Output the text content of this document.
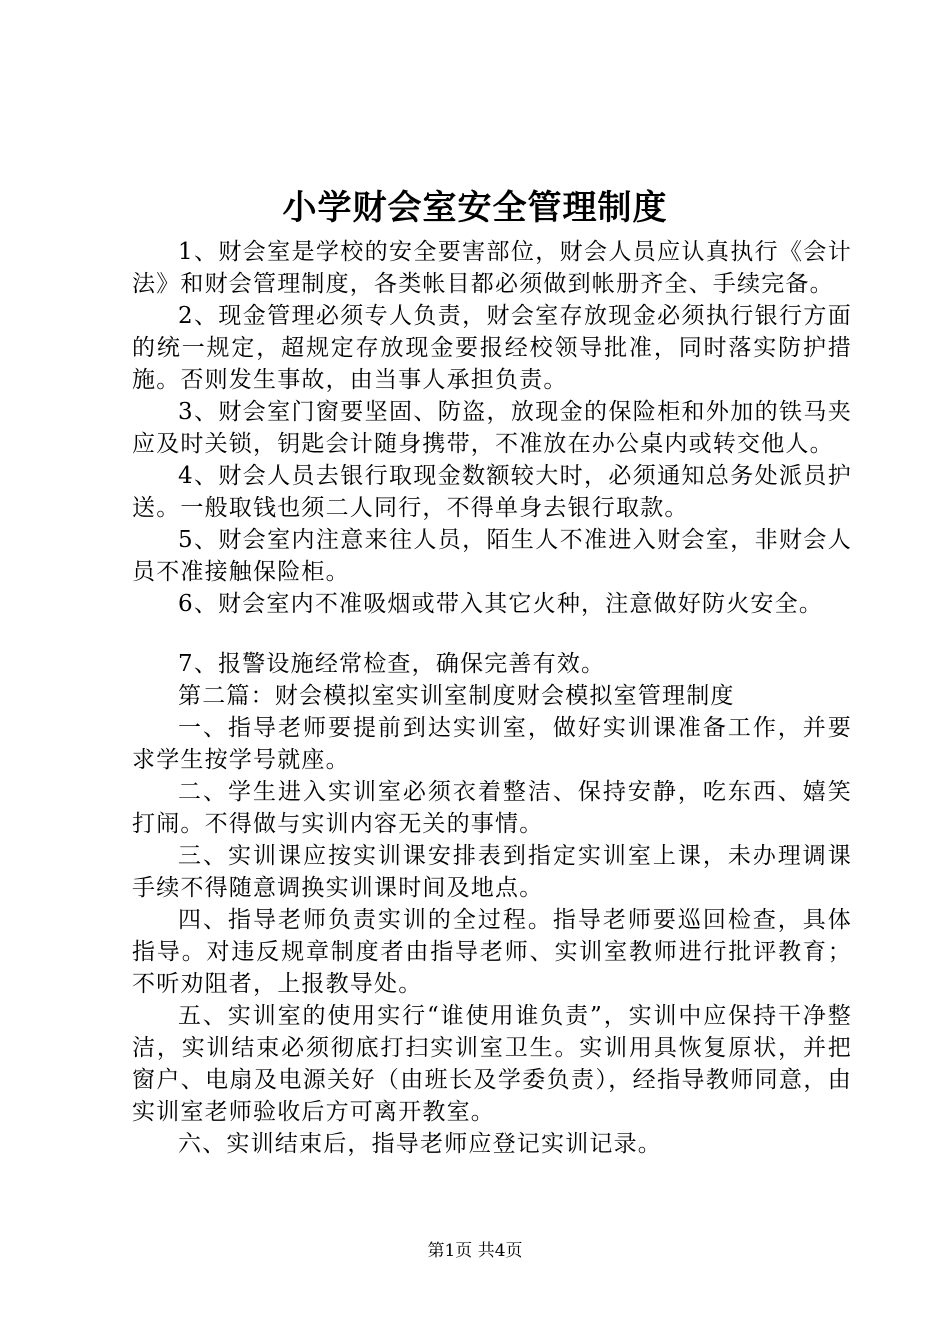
小学财会室安全管理制度

1、财会室是学校的安全要害部位，财会人员应认真执行《会计法》和财会管理制度，各类帐目都必须做到帐册齐全、手续完备。

2、现金管理必须专人负责，财会室存放现金必须执行银行方面的统一规定，超规定存放现金要报经校领导批准，同时落实防护措施。否则发生事故，由当事人承担负责。

3、财会室门窗要坚固、防盗，放现金的保险柜和外加的铁马夹应及时关锁，钥匙会计随身携带，不准放在办公桌内或转交他人。

4、财会人员去银行取现金数额较大时，必须通知总务处派员护送。一般取钱也须二人同行，不得单身去银行取款。

5、财会室内注意来往人员，陌生人不准进入财会室，非财会人员不准接触保险柜。

6、财会室内不准吸烟或带入其它火种，注意做好防火安全。

7、报警设施经常检查，确保完善有效。

第二篇：财会模拟室实训室制度财会模拟室管理制度

一、指导老师要提前到达实训室，做好实训课准备工作，并要求学生按学号就座。

二、学生进入实训室必须衣着整洁、保持安静，吃东西、嬉笑打闹。不得做与实训内容无关的事情。

三、实训课应按实训课安排表到指定实训室上课，未办理调课手续不得随意调换实训课时间及地点。

四、指导老师负责实训的全过程。指导老师要巡回检查，具体指导。对违反规章制度者由指导老师、实训室教师进行批评教育；不听劝阻者，上报教导处。

五、实训室的使用实行“谁使用谁负责”，实训中应保持干净整洁，实训结束必须彻底打扫实训室卫生。实训用具恢复原状，并把窗户、电扇及电源关好（由班长及学委负责），经指导教师同意，由实训室老师验收后方可离开教室。

六、实训结束后，指导老师应登记实训记录。

第1页 共4页
